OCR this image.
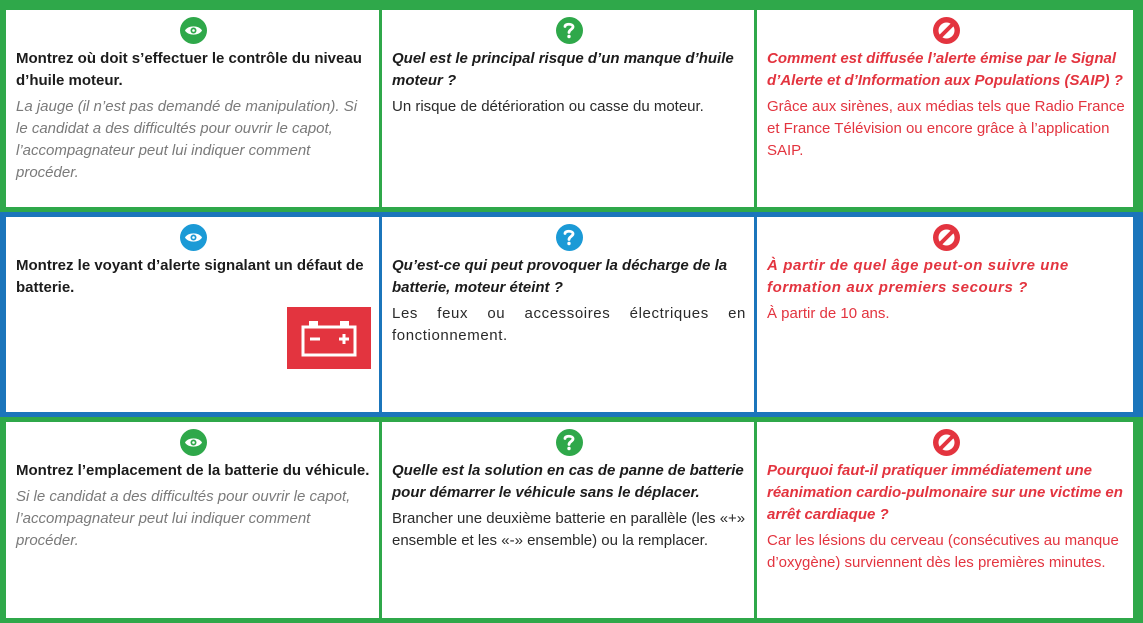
Montrez où doit s’effectuer le contrôle du niveau d’huile moteur.
La jauge (il n’est pas demandé de manipulation). Si le candidat a des difficultés pour ouvrir le capot, l’accompagnateur peut lui indiquer comment procéder.
Quel est le principal risque d’un manque d’huile moteur ?
Un risque de détérioration ou casse du moteur.
Comment est diffusée l’alerte émise par le Signal d’Alerte et d’Information aux Populations (SAIP) ?
Grâce aux sirènes, aux médias tels que Radio France et France Télévision ou encore grâce à l’application SAIP.
Montrez le voyant d’alerte signalant un défaut de batterie.
Qu’est-ce qui peut provoquer la décharge de la batterie, moteur éteint ?
Les feux ou accessoires électriques en fonctionnement.
À partir de quel âge peut-on suivre une formation aux premiers secours ?
À partir de 10 ans.
Montrez l’emplacement de la batterie du véhicule.
Si le candidat a des difficultés pour ouvrir le capot, l’accompagnateur peut lui indiquer comment procéder.
Quelle est la solution en cas de panne de batterie pour démarrer le véhicule sans le déplacer.
Brancher une deuxième batterie en parallèle (les «+» ensemble et les «-» ensemble) ou la remplacer.
Pourquoi faut-il pratiquer immédiatement une réanimation cardio-pulmonaire sur une victime en arrêt cardiaque ?
Car les lésions du cerveau (consécutives au manque d’oxygène) surviennent dès les premières minutes.
